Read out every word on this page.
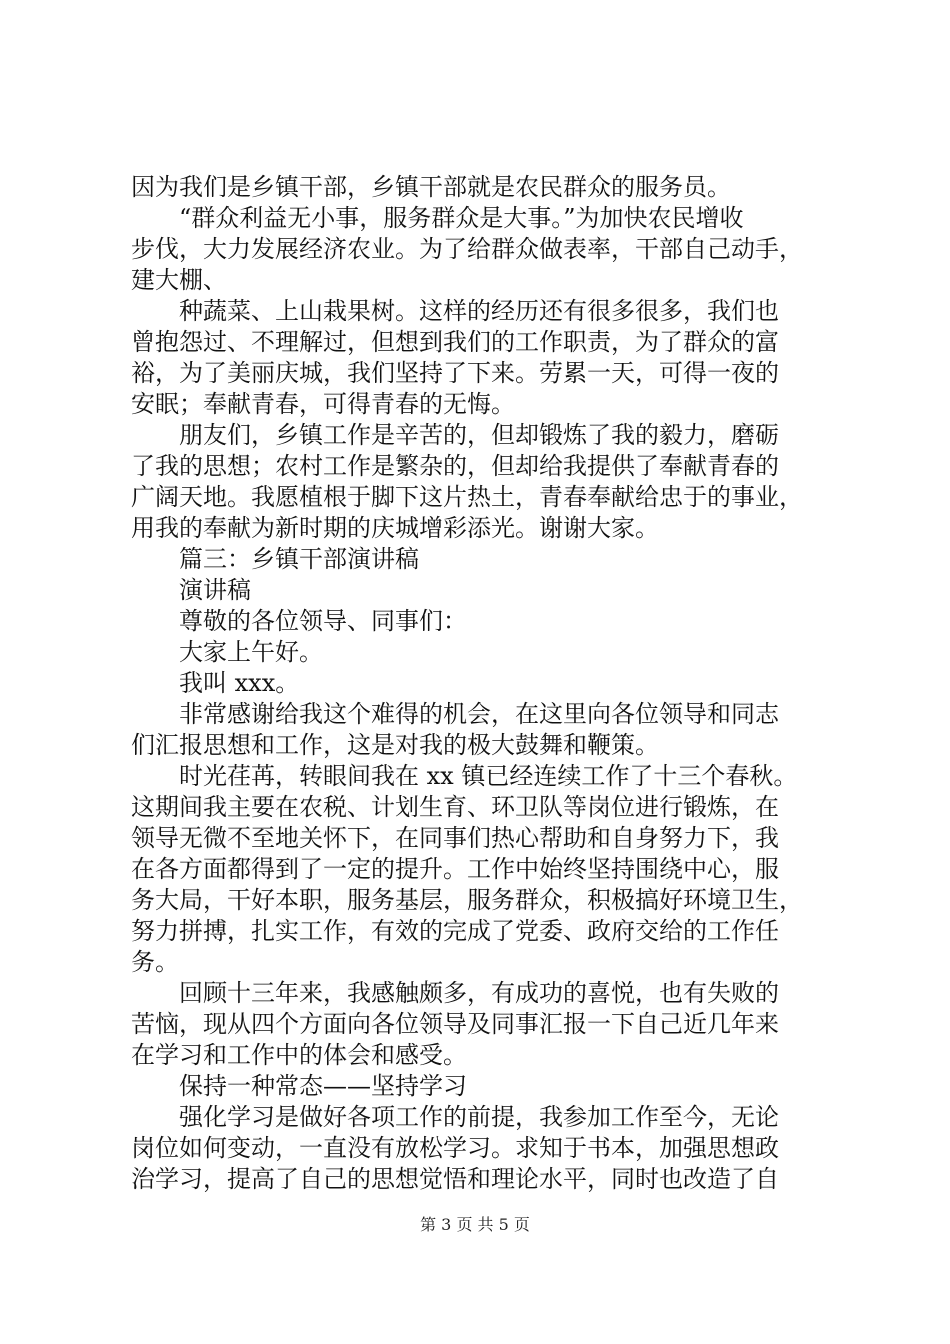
因为我们是乡镇干部，乡镇干部就是农民群众的服务员。
“群众利益无小事，服务群众是大事。”为加快农民增收
步伐，大力发展经济农业。为了给群众做表率，干部自己动手，
建大棚、
种蔬菜、上山栽果树。这样的经历还有很多很多，我们也
曾抱怨过、不理解过，但想到我们的工作职责，为了群众的富
裕，为了美丽庆城，我们坚持了下来。劳累一天，可得一夜的
安眠；奉献青春，可得青春的无悔。
朋友们，乡镇工作是辛苦的，但却锻炼了我的毅力，磨砺
了我的思想；农村工作是繁杂的，但却给我提供了奉献青春的
广阔天地。我愿植根于脚下这片热土，青春奉献给忠于的事业，
用我的奉献为新时期的庆城增彩添光。谢谢大家。
篇三：乡镇干部演讲稿
演讲稿
尊敬的各位领导、同事们：
大家上午好。
我叫 xxx。
非常感谢给我这个难得的机会，在这里向各位领导和同志
们汇报思想和工作，这是对我的极大鼓舞和鞭策。
时光荏苒，转眼间我在 xx 镇已经连续工作了十三个春秋。
这期间我主要在农税、计划生育、环卫队等岗位进行锻炼，在
领导无微不至地关怀下，在同事们热心帮助和自身努力下，我
在各方面都得到了一定的提升。工作中始终坚持围绕中心，服
务大局，干好本职，服务基层，服务群众，积极搞好环境卫生，
努力拼搏，扎实工作，有效的完成了党委、政府交给的工作任
务。
回顾十三年来，我感触颇多，有成功的喜悦，也有失败的
苦恼，现从四个方面向各位领导及同事汇报一下自己近几年来
在学习和工作中的体会和感受。
保持一种常态——坚持学习
强化学习是做好各项工作的前提，我参加工作至今，无论
岗位如何变动，一直没有放松学习。求知于书本，加强思想政
治学习，提高了自己的思想觉悟和理论水平，同时也改造了自
第 3 页 共 5 页
